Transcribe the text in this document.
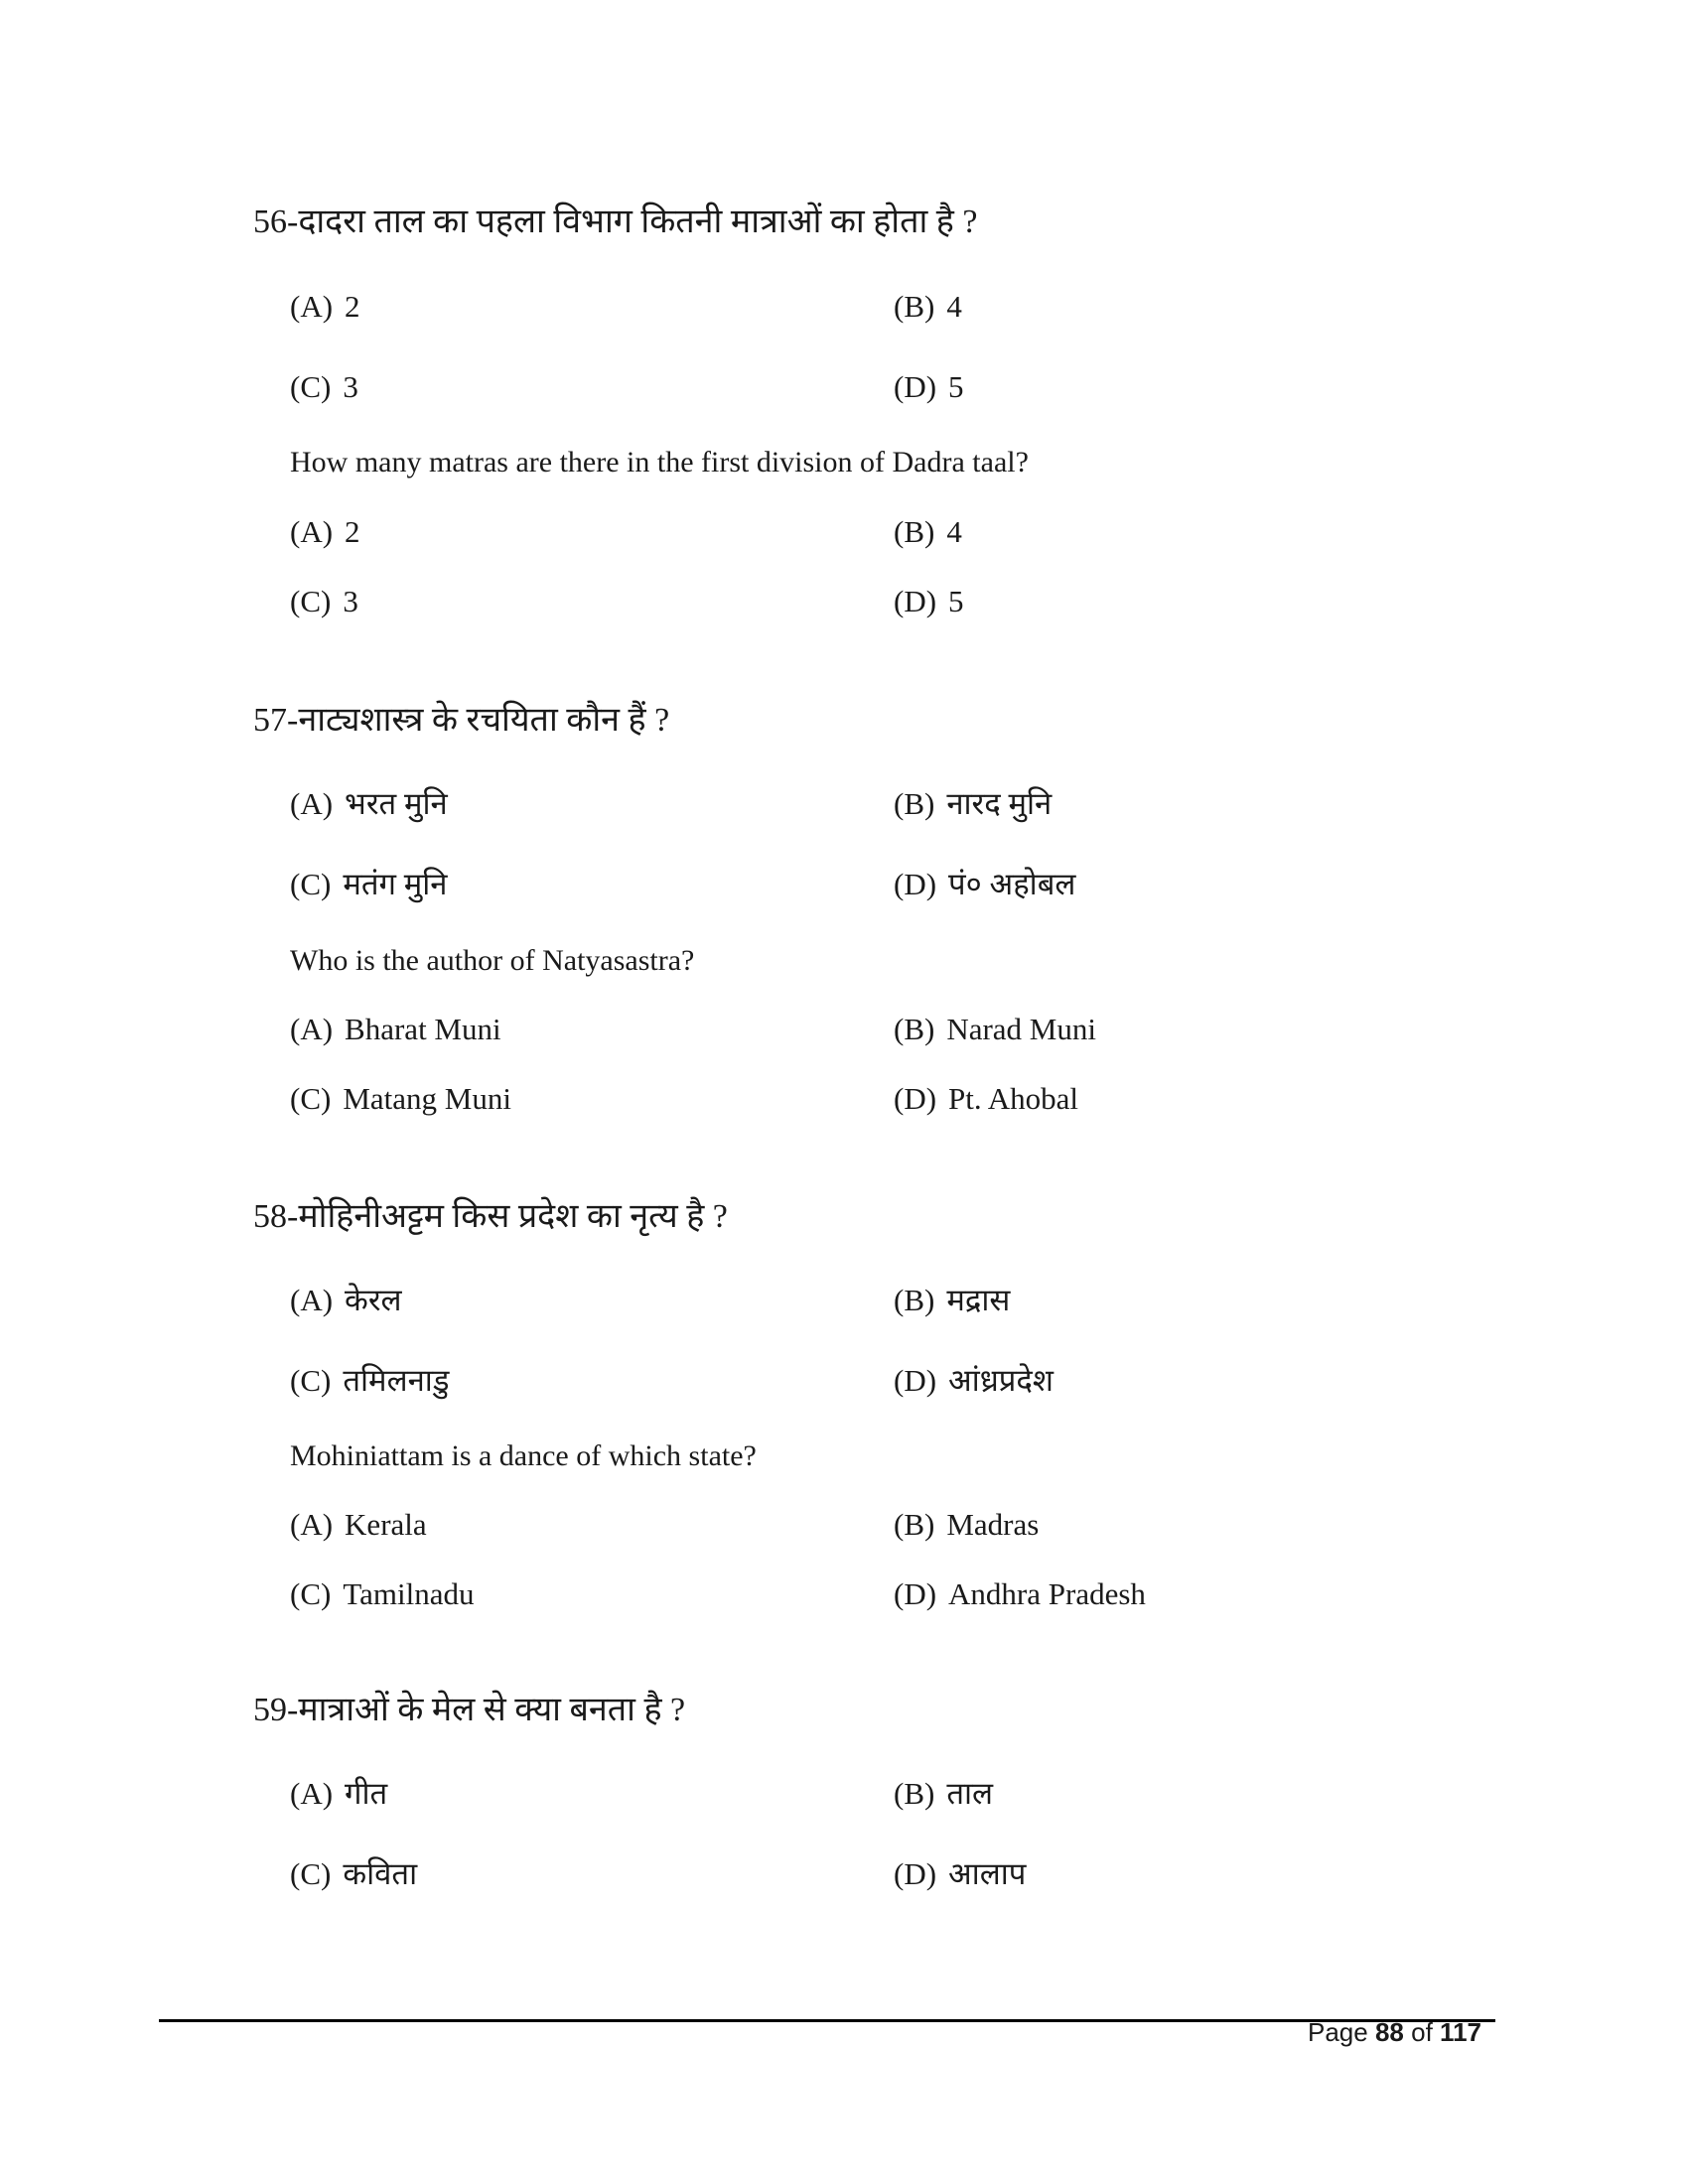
56-दादरा ताल का पहला विभाग कितनी मात्राओं का होता है ?
(A) 2	(B) 4
(C) 3	(D) 5
How many matras are there in the first division of Dadra taal?
(A) 2	(B) 4
(C) 3	(D) 5
57-नाट्यशास्त्र के रचयिता कौन हैं ?
(A) भरत मुनि	(B) नारद मुनि
(C) मतंग मुनि	(D) पं० अहोबल
Who is the author of Natyasastra?
(A) Bharat Muni	(B) Narad Muni
(C) Matang Muni	(D) Pt. Ahobal
58-मोहिनीअट्टम किस प्रदेश का नृत्य है ?
(A) केरल	(B) मद्रास
(C) तमिलनाडु	(D) आंध्रप्रदेश
Mohiniattam is a dance of which state?
(A) Kerala	(B) Madras
(C) Tamilnadu	(D) Andhra Pradesh
59-मात्राओं के मेल से क्या बनता है ?
(A) गीत	(B) ताल
(C) कविता	(D) आलाप
Page 88 of 117
